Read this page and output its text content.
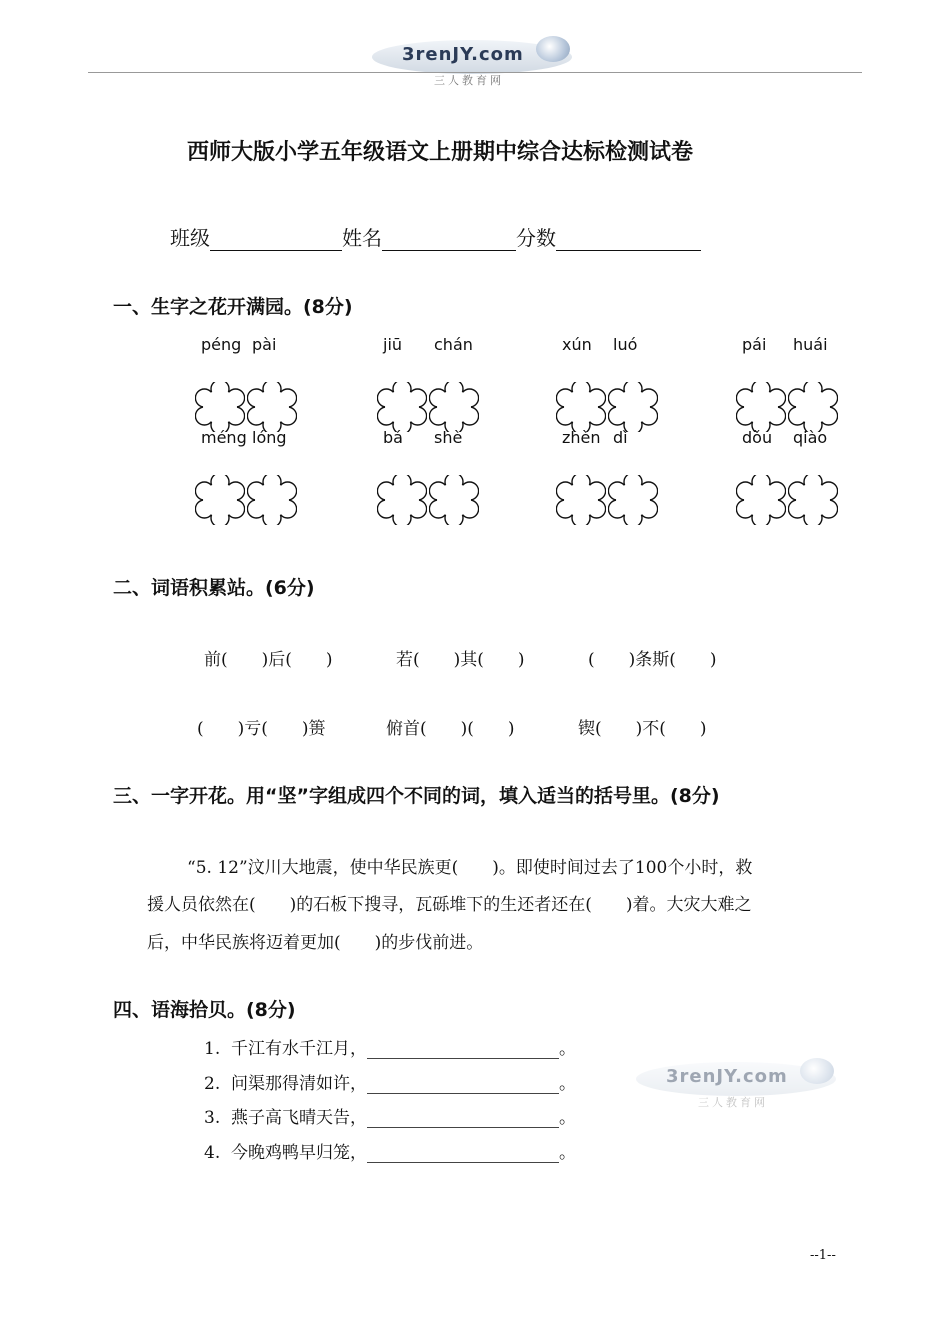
3renJY.com
三人教育网
西师大版小学五年级语文上册期中综合达标检测试卷
班级	姓名	分数
一、生字之花开满园。(8分)
péng pài	jiū chán	xún luó	pái huái
méng lóng	bá shè	zhèn dì	dǒu qiào
二、词语积累站。(6分)
前(　　)后(　　)	若(　　)其(　　)	(　　)条斯(　　)
(　　)亏(　　)篑	俯首(　　)(　　)	锲(　　)不(　　)
三、一字开花。用“坚”字组成四个不同的词，填入适当的括号里。(8分)
“5. 12”汶川大地震，使中华民族更(　　)。即使时间过去了100个小时，救
援人员依然在(　　)的石板下搜寻，瓦砾堆下的生还者还在(　　)着。大灾大难之
后，中华民族将迈着更加(　　)的步伐前进。
四、语海拾贝。(8分)
1. 千江有水千江月，	。
2. 问渠那得清如许，	。
3. 燕子高飞晴天告，	。
4. 今晚鸡鸭早归笼，	。
3renJY.com
三人教育网
--1--
